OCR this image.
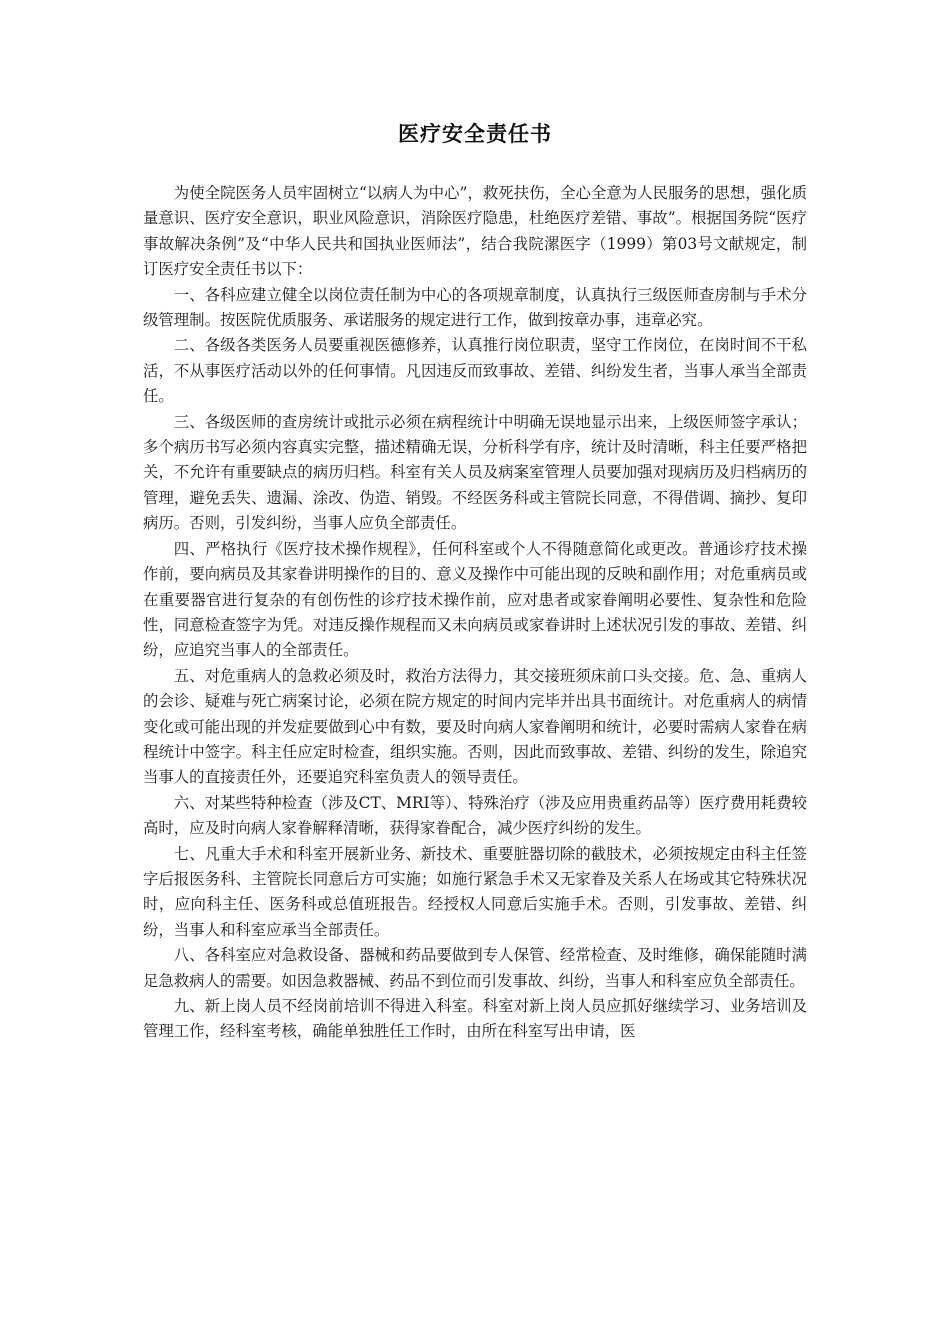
医疗安全责任书

为使全院医务人员牢固树立“以病人为中心”，救死扶伤，全心全意为人民服务的思想，强化质量意识、医疗安全意识，职业风险意识，消除医疗隐患，杜绝医疗差错、事故”。根据国务院“医疗事故解决条例”及“中华人民共和国执业医师法”，结合我院漯医字（1999）第03号文献规定，制订医疗安全责任书以下：

一、各科应建立健全以岗位责任制为中心的各项规章制度，认真执行三级医师查房制与手术分级管理制。按医院优质服务、承诺服务的规定进行工作，做到按章办事，违章必究。

二、各级各类医务人员要重视医德修养，认真推行岗位职责，坚守工作岗位，在岗时间不干私活，不从事医疗活动以外的任何事情。凡因违反而致事故、差错、纠纷发生者，当事人承当全部责任。

三、各级医师的查房统计或批示必须在病程统计中明确无误地显示出来，上级医师签字承认；多个病历书写必须内容真实完整，描述精确无误，分析科学有序，统计及时清晰，科主任要严格把关，不允许有重要缺点的病历归档。科室有关人员及病案室管理人员要加强对现病历及归档病历的管理，避免丢失、遗漏、涂改、伪造、销毁。不经医务科或主管院长同意，不得借调、摘抄、复印病历。否则，引发纠纷，当事人应负全部责任。

四、严格执行《医疗技术操作规程》，任何科室或个人不得随意简化或更改。普通诊疗技术操作前，要向病员及其家眷讲明操作的目的、意义及操作中可能出现的反映和副作用；对危重病员或在重要器官进行复杂的有创伤性的诊疗技术操作前，应对患者或家眷阐明必要性、复杂性和危险性，同意检查签字为凭。对违反操作规程而又未向病员或家眷讲时上述状况引发的事故、差错、纠纷，应追究当事人的全部责任。

五、对危重病人的急救必须及时，救治方法得力，其交接班须床前口头交接。危、急、重病人的会诊、疑难与死亡病案讨论，必须在院方规定的时间内完毕并出具书面统计。对危重病人的病情变化或可能出现的并发症要做到心中有数，要及时向病人家眷阐明和统计，必要时需病人家眷在病程统计中签字。科主任应定时检查，组织实施。否则，因此而致事故、差错、纠纷的发生，除追究当事人的直接责任外，还要追究科室负责人的领导责任。

六、对某些特种检查（涉及CT、MRI等）、特殊治疗（涉及应用贵重药品等）医疗费用耗费较高时，应及时向病人家眷解释清晰，获得家眷配合，减少医疗纠纷的发生。

七、凡重大手术和科室开展新业务、新技术、重要脏器切除的截肢术，必须按规定由科主任签字后报医务科、主管院长同意后方可实施；如施行紧急手术又无家眷及关系人在场或其它特殊状况时，应向科主任、医务科或总值班报告。经授权人同意后实施手术。否则，引发事故、差错、纠纷，当事人和科室应承当全部责任。

八、各科室应对急救设备、器械和药品要做到专人保管、经常检查、及时维修，确保能随时满足急救病人的需要。如因急救器械、药品不到位而引发事故、纠纷，当事人和科室应负全部责任。

九、新上岗人员不经岗前培训不得进入科室。科室对新上岗人员应抓好继续学习、业务培训及管理工作，经科室考核，确能单独胜任工作时，由所在科室写出申请，医
